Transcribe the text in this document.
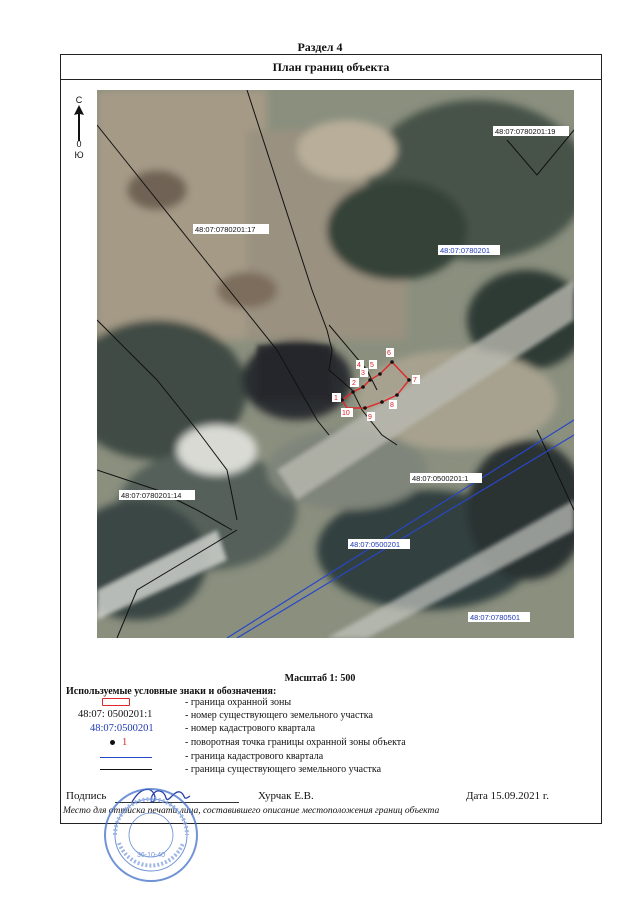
Раздел 4
План границ объекта
С
0
Ю
1
2
3
4 5
6
7
8
9
10
48:07:0780201:19
48:07:0780201:17
48:07:0780201:14
48:07:0500201:1
48:07:0780201
48:07:0500201
48:07:0780501
Масштаб 1: 500
Используемые условные знаки и обозначения:
48:07: 0500201:1
48:07:0500201
1
- граница охранной зоны
- номер существующего земельного участка
- номер кадастрового квартала
- поворотная точка границы охранной зоны объекта
- граница кадастрового квартала
- граница существующего земельного участка
Подпись	Хурчак Е.В.	Дата 15.09.2021 г.
Место для оттиска печати лица, составившего описание местоположения границ объекта
36-10-40
